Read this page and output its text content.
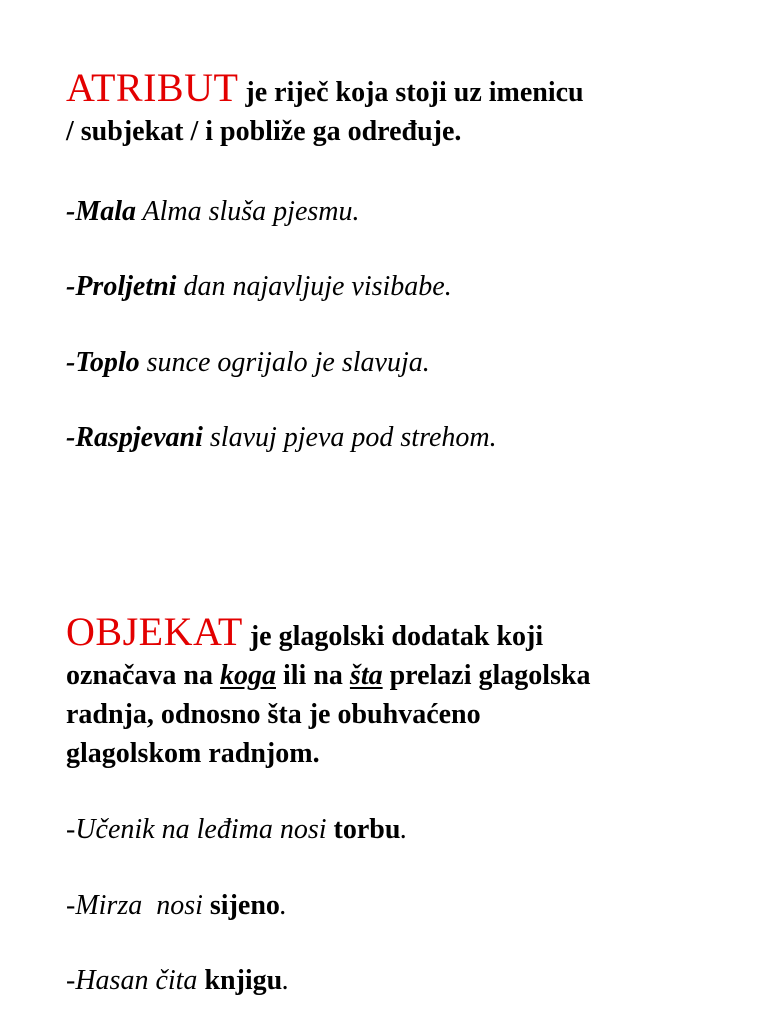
ATRIBUT je riječ koja stoji uz imenicu
/ subjekat / i pobliže ga određuje.

-Mala Alma sluša pjesmu.

-Proljetni dan najavljuje visibabe.

-Toplo sunce ogrijalo je slavuja.

-Raspjevani slavuj pjeva pod strehom.

OBJEKAT je glagolski dodatak koji
označava na koga ili na šta prelazi glagolska
radnja, odnosno šta je obuhvaćeno
glagolskom radnjom.

-Učenik na leđima nosi torbu.

-Mirza  nosi sijeno.

-Hasan čita knjigu.
